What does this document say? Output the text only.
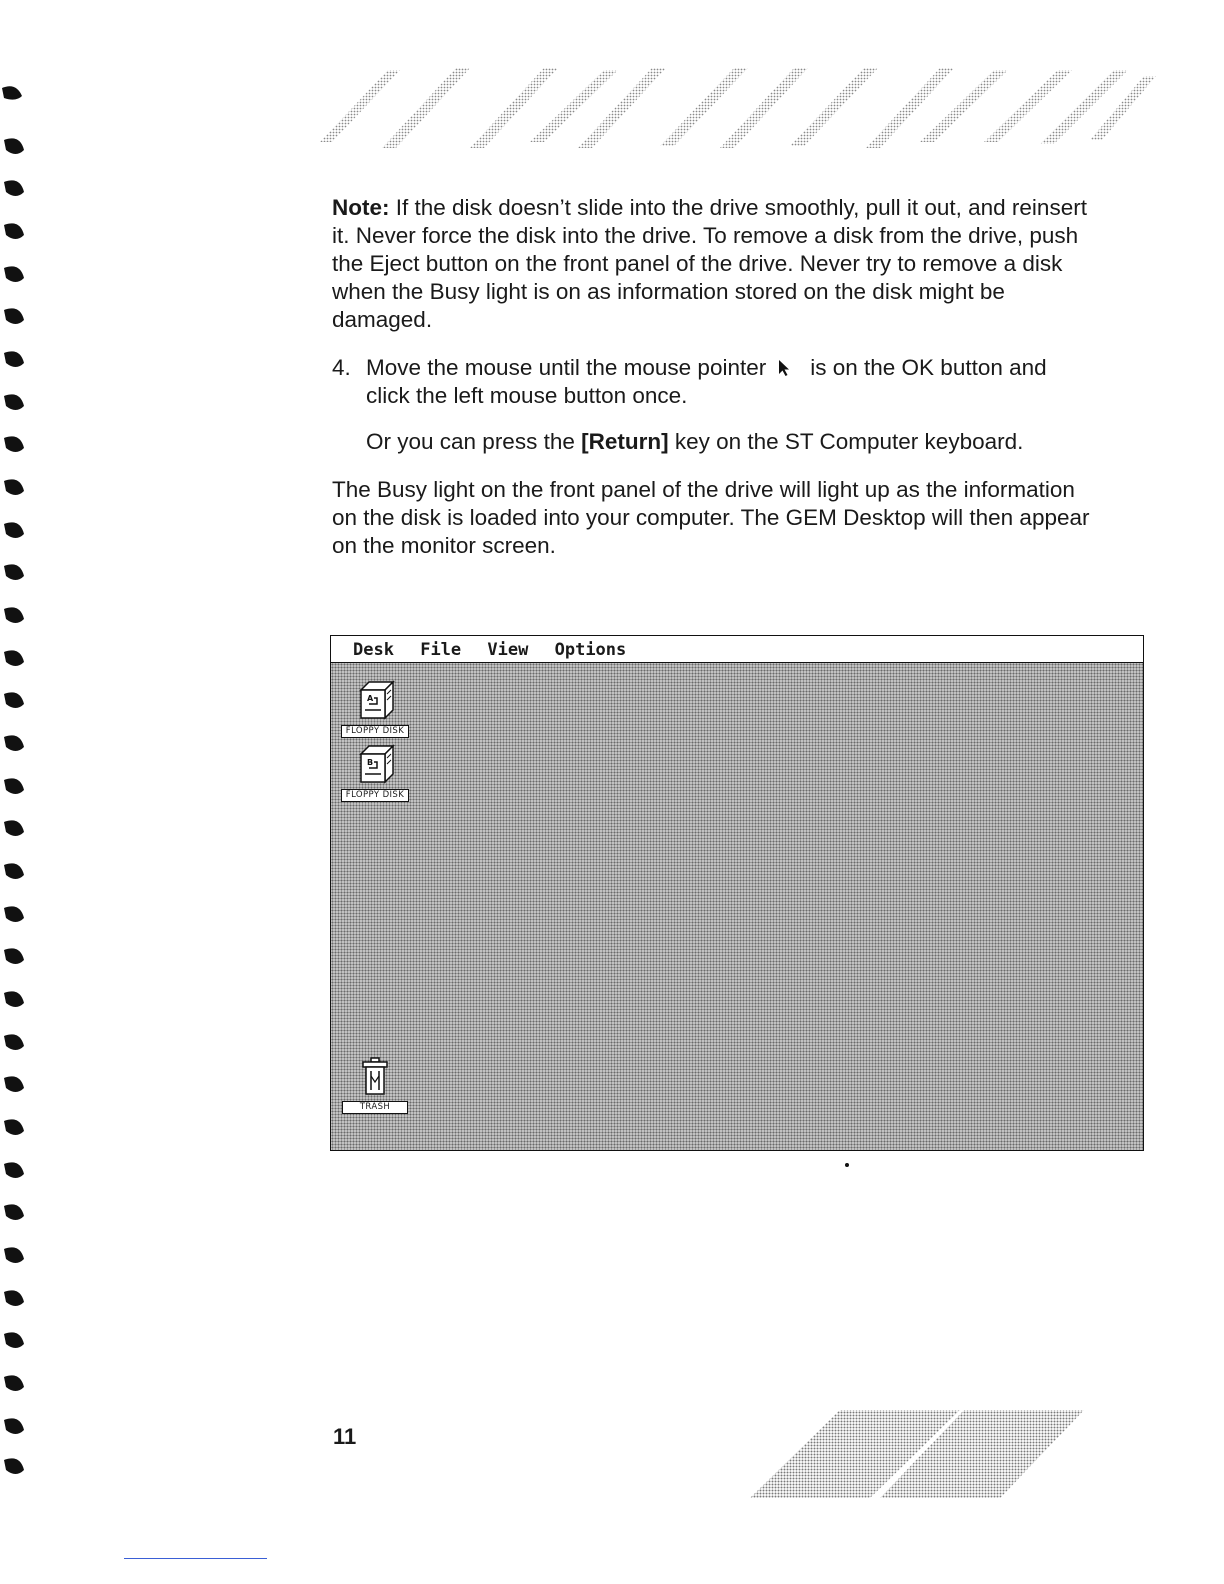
Note: If the disk doesn’t slide into the drive smoothly, pull it out, and reinsert it. Never force the disk into the drive. To remove a disk from the drive, push the Eject button on the front panel of the drive. Never try to remove a disk when the Busy light is on as information stored on the disk might be damaged.

4. Move the mouse until the mouse pointer is on the OK button and click the left mouse button once.

Or you can press the [Return] key on the ST Computer keyboard.

The Busy light on the front panel of the drive will light up as the information on the disk is loaded into your computer. The GEM Desktop will then appear on the monitor screen.

Desk File View Options
A
FLOPPY DISK
B
FLOPPY DISK
TRASH
11
